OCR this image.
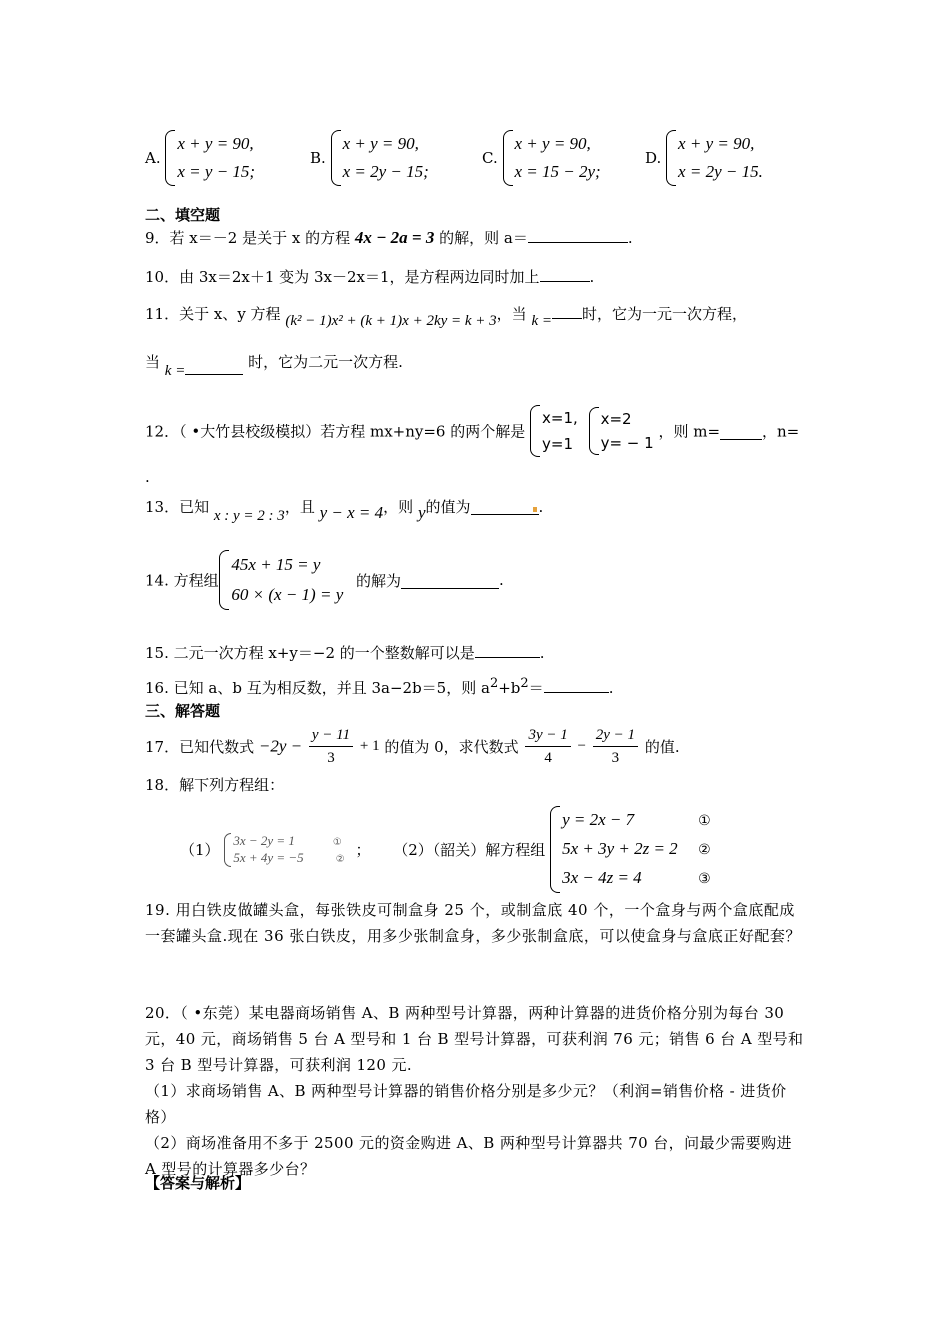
A.
x + y = 90,
x = y − 15;
B.
x + y = 90,
x = 2y − 15;
C.
x + y = 90,
x = 15 − 2y;
D.
x + y = 90,
x = 2y − 15.
二、填空题
9．若 x＝－2 是关于 x 的方程 4x − 2a = 3 的解，则 a＝	.
10．由 3x＝2x＋1 变为 3x－2x＝1，是方程两边同时加上	.
11．关于 x、y 方程 (k² − 1)x² + (k + 1)x + 2ky = k + 3，当 k = 时，它为一元一次方程，
当 k =	时，它为二元一次方程.
12．（ •大竹县校级模拟）若方程 mx+ny=6 的两个解是
x=1,
y=1

x=2
y= − 1
，则 m=	，n=
.
13．已知 x : y = 2 : 3，且 y − x = 4，则 y的值为	.
14. 方程组
45x + 15 = y
60 × (x − 1) = y
的解为	.
15. 二元一次方程 x+y＝−2 的一个整数解可以是	.
16. 已知 a、b 互为相反数，并且 3a−2b＝5，则 $a^2+b^2=$	.
三、解答题
17．已知代数式 $-2y - \frac{y - 11}{3} + 1$ 的值为 0，求代数式 $\frac{3y - 1}{4} - \frac{2y - 1}{3}$ 的值.
18．解下列方程组：
（1）
3x − 2y = 1	①
5x + 4y = −5	② ； （2）（韶关）解方程组
y = 2x − 7	①
5x + 3y + 2z = 2 ②
3x − 4z = 4	③
19. 用白铁皮做罐头盒，每张铁皮可制盒身 25 个，或制盒底 40 个，一个盒身与两个盒底配成一套罐头盒.现在 36 张白铁皮，用多少张制盒身，多少张制盒底，可以使盒身与盒底正好配套？
20．（ •东莞）某电器商场销售 A、B 两种型号计算器，两种计算器的进货价格分别为每台 30 元，40 元，商场销售 5 台 A 型号和 1 台 B 型号计算器，可获利润 76 元；销售 6 台 A 型号和 3 台 B 型号计算器，可获利润 120 元.
（1）求商场销售 A、B 两种型号计算器的销售价格分别是多少元？（利润=销售价格 - 进货价格）
（2）商场准备用不多于 2500 元的资金购进 A、B 两种型号计算器共 70 台，问最少需要购进 A 型号的计算器多少台？
【答案与解析】
